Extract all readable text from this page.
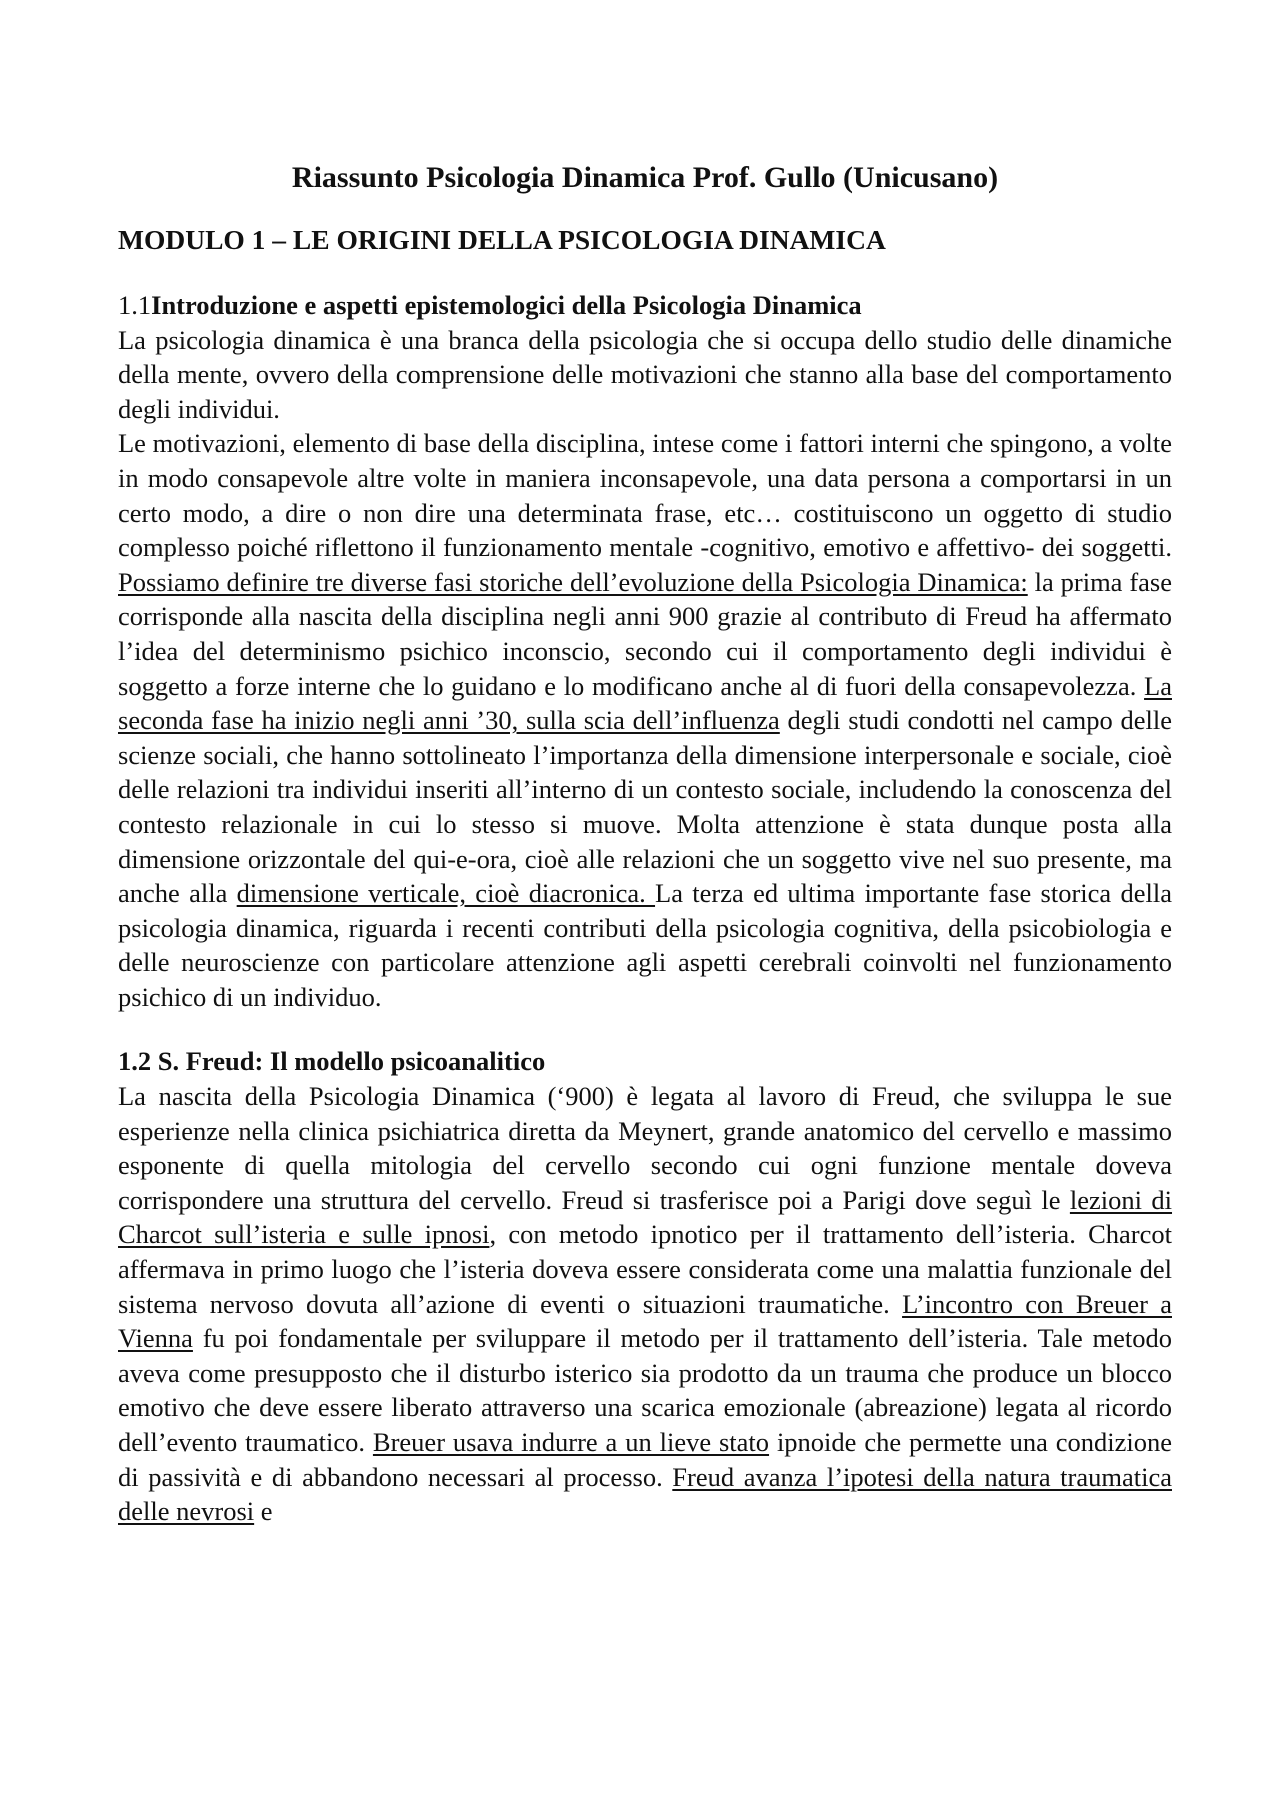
Riassunto Psicologia Dinamica Prof. Gullo (Unicusano)
MODULO 1 – LE ORIGINI DELLA PSICOLOGIA DINAMICA
1.1Introduzione e aspetti epistemologici della Psicologia Dinamica

La psicologia dinamica è una branca della psicologia che si occupa dello studio delle dinamiche della mente, ovvero della comprensione delle motivazioni che stanno alla base del comportamento degli individui.

Le motivazioni, elemento di base della disciplina, intese come i fattori interni che spingono, a volte in modo consapevole altre volte in maniera inconsapevole, una data persona a comportarsi in un certo modo, a dire o non dire una determinata frase, etc… costituiscono un oggetto di studio complesso poiché riflettono il funzionamento mentale -cognitivo, emotivo e affettivo- dei soggetti. Possiamo definire tre diverse fasi storiche dell’evoluzione della Psicologia Dinamica: la prima fase corrisponde alla nascita della disciplina negli anni 900 grazie al contributo di Freud ha affermato l’idea del determinismo psichico inconscio, secondo cui il comportamento degli individui è soggetto a forze interne che lo guidano e lo modificano anche al di fuori della consapevolezza. La seconda fase ha inizio negli anni ’30, sulla scia dell’influenza degli studi condotti nel campo delle scienze sociali, che hanno sottolineato l’importanza della dimensione interpersonale e sociale, cioè delle relazioni tra individui inseriti all’interno di un contesto sociale, includendo la conoscenza del contesto relazionale in cui lo stesso si muove. Molta attenzione è stata dunque posta alla dimensione orizzontale del qui-e-ora, cioè alle relazioni che un soggetto vive nel suo presente, ma anche alla dimensione verticale, cioè diacronica. La terza ed ultima importante fase storica della psicologia dinamica, riguarda i recenti contributi della psicologia cognitiva, della psicobiologia e delle neuroscienze con particolare attenzione agli aspetti cerebrali coinvolti nel funzionamento psichico di un individuo.

1.2 S. Freud: Il modello psicoanalitico

La nascita della Psicologia Dinamica (‘900) è legata al lavoro di Freud, che sviluppa le sue esperienze nella clinica psichiatrica diretta da Meynert, grande anatomico del cervello e massimo esponente di quella mitologia del cervello secondo cui ogni funzione mentale doveva corrispondere una struttura del cervello. Freud si trasferisce poi a Parigi dove seguì le lezioni di Charcot sull’isteria e sulle ipnosi, con metodo ipnotico per il trattamento dell’isteria. Charcot affermava in primo luogo che l’isteria doveva essere considerata come una malattia funzionale del sistema nervoso dovuta all’azione di eventi o situazioni traumatiche. L’incontro con Breuer a Vienna fu poi fondamentale per sviluppare il metodo per il trattamento dell’isteria. Tale metodo aveva come presupposto che il disturbo isterico sia prodotto da un trauma che produce un blocco emotivo che deve essere liberato attraverso una scarica emozionale (abreazione) legata al ricordo dell’evento traumatico. Breuer usava indurre a un lieve stato ipnoide che permette una condizione di passività e di abbandono necessari al processo. Freud avanza l’ipotesi della natura traumatica delle nevrosi e
